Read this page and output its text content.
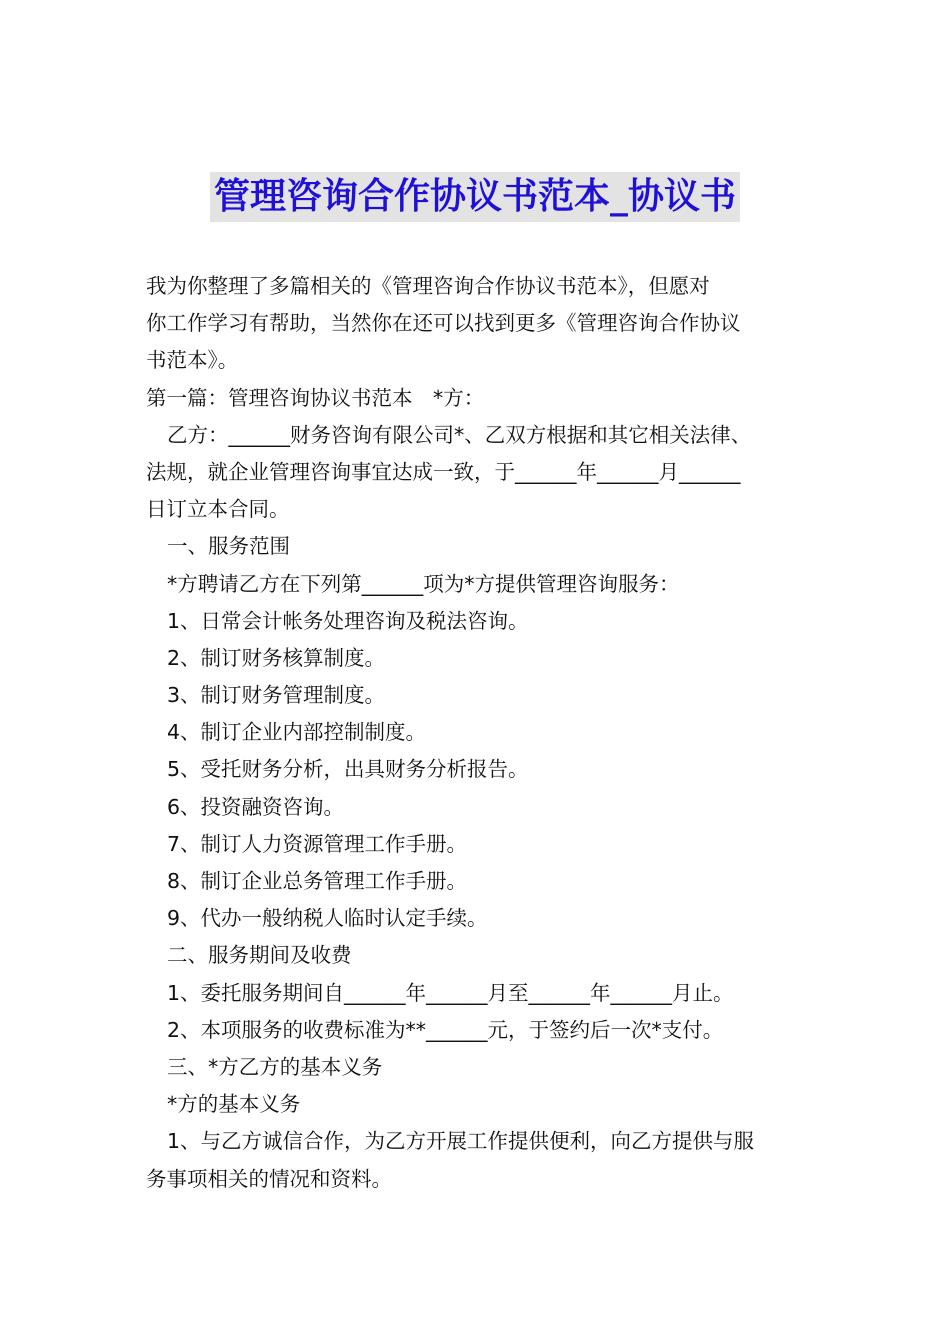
管理咨询合作协议书范本_协议书
我为你整理了多篇相关的《管理咨询合作协议书范本》，但愿对
你工作学习有帮助，当然你在还可以找到更多《管理咨询合作协议
书范本》。
第一篇：管理咨询协议书范本　*方：
乙方：______财务咨询有限公司*、乙双方根据和其它相关法律、
法规，就企业管理咨询事宜达成一致，于______年______月______
日订立本合同。
一、服务范围
*方聘请乙方在下列第______项为*方提供管理咨询服务：
1、日常会计帐务处理咨询及税法咨询。
2、制订财务核算制度。
3、制订财务管理制度。
4、制订企业内部控制制度。
5、受托财务分析，出具财务分析报告。
6、投资融资咨询。
7、制订人力资源管理工作手册。
8、制订企业总务管理工作手册。
9、代办一般纳税人临时认定手续。
二、服务期间及收费
1、委托服务期间自______年______月至______年______月止。
2、本项服务的收费标准为**______元，于签约后一次*支付。
三、*方乙方的基本义务
*方的基本义务
1、与乙方诚信合作，为乙方开展工作提供便利，向乙方提供与服
务事项相关的情况和资料。
